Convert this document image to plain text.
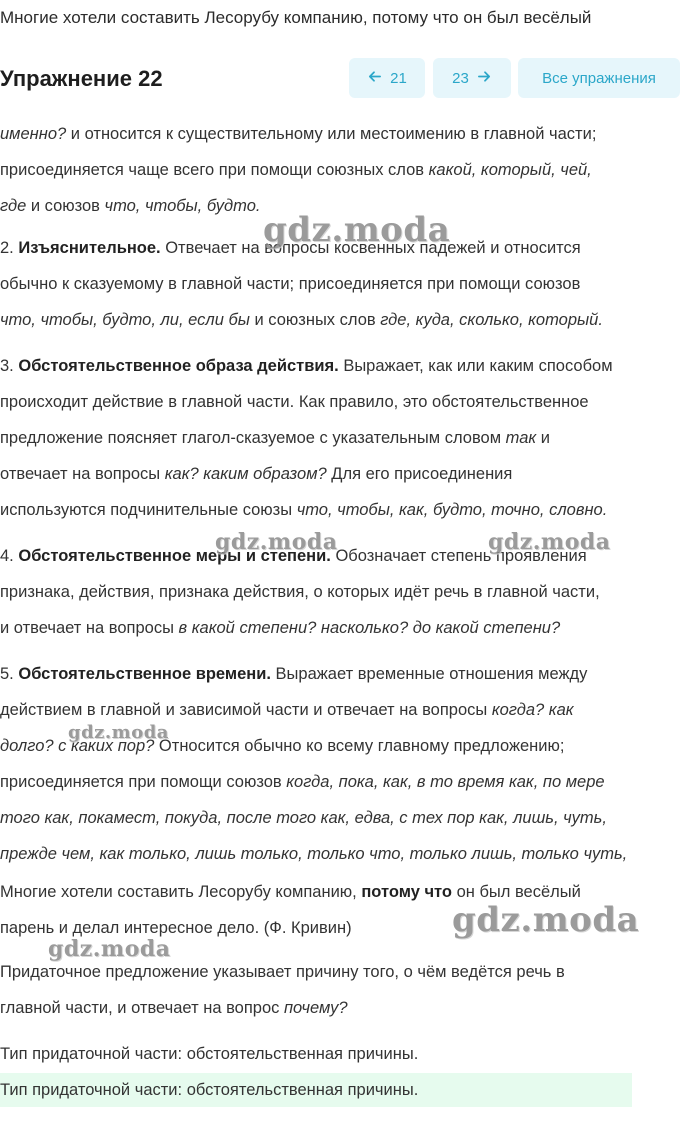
Многие хотели составить Лесорубу компанию, потому что он был весёлый
Упражнение 22	21	23	Все упражнения

именно? и относится к существительному или местоимению в главной части;

присоединяется чаще всего при помощи союзных слов какой, который, чей,

где и союзов что, чтобы, будто.

2. Изъяснительное. Отвечает на вопросы косвенных падежей и относится

обычно к сказуемому в главной части; присоединяется при помощи союзов

что, чтобы, будто, ли, если бы и союзных слов где, куда, сколько, который.

3. Обстоятельственное образа действия. Выражает, как или каким способом

происходит действие в главной части. Как правило, это обстоятельственное

предложение поясняет глагол-сказуемое с указательным словом так и

отвечает на вопросы как? каким образом? Для его присоединения

используются подчинительные союзы что, чтобы, как, будто, точно, словно.

4. Обстоятельственное меры и степени. Обозначает степень проявления

признака, действия, признака действия, о которых идёт речь в главной части,

и отвечает на вопросы в какой степени? насколько? до какой степени?

5. Обстоятельственное времени. Выражает временные отношения между

действием в главной и зависимой части и отвечает на вопросы когда? как

долго? с каких пор? Относится обычно ко всему главному предложению;

присоединяется при помощи союзов когда, пока, как, в то время как, по мере

того как, покамест, покуда, после того как, едва, с тех пор как, лишь, чуть,

прежде чем, как только, лишь только, только что, только лишь, только чуть,

Многие хотели составить Лесорубу компанию, потому что он был весёлый
парень и делал интересное дело. (Ф. Кривин)
Придаточное предложение указывает причину того, о чём ведётся речь в
главной части, и отвечает на вопрос почему?
Тип придаточной части: обстоятельственная причины.
Тип придаточной части: обстоятельственная причины.
gdz.moda
gdz.moda	gdz.moda
gdz.moda
gdz.moda
gdz.moda
